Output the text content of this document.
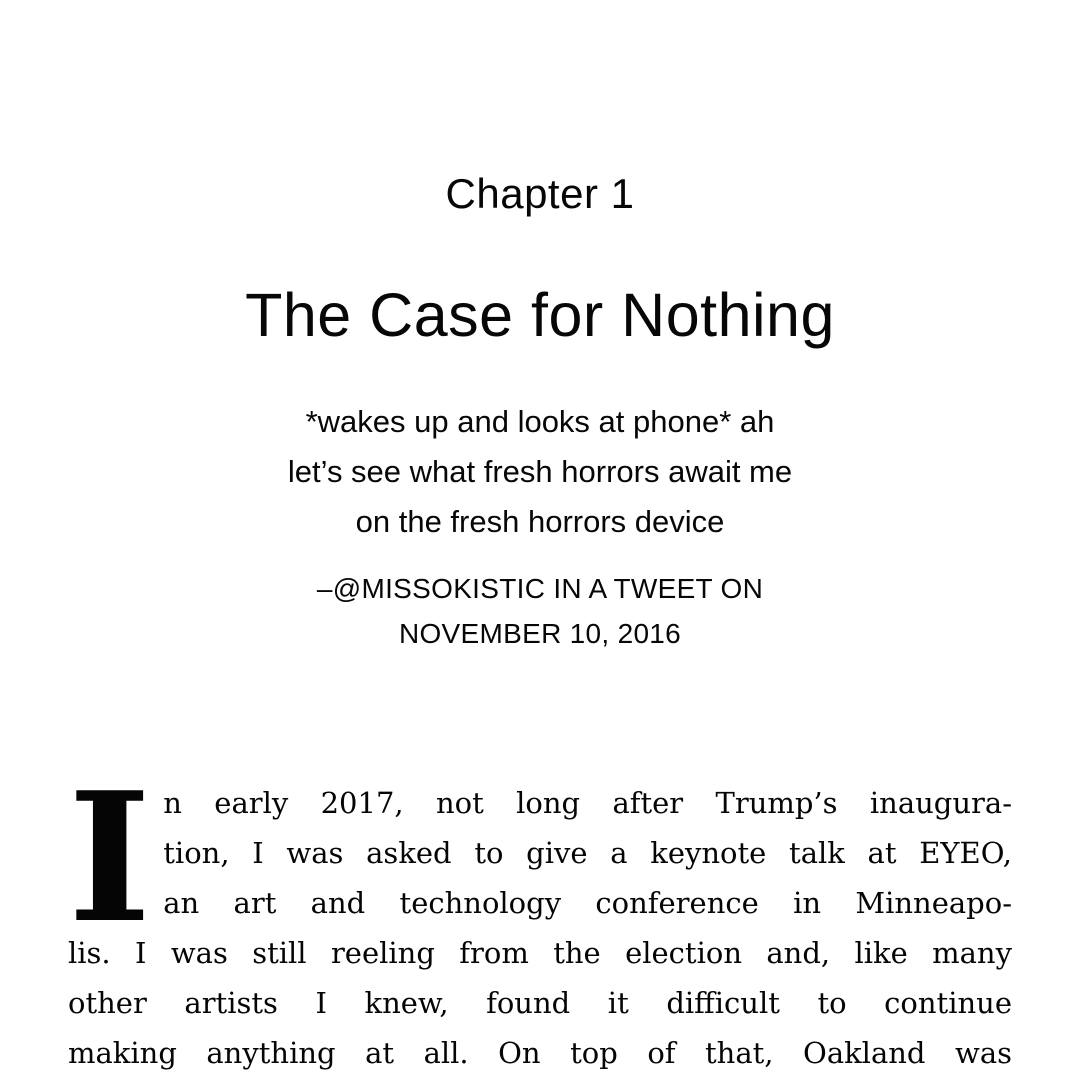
Chapter 1
The Case for Nothing
*wakes up and looks at phone* ah
let’s see what fresh horrors await me
on the fresh horrors device
–@MISSOKISTIC IN A TWEET ON
NOVEMBER 10, 2016
I n early 2017, not long after Trump’s inaugura-
tion, I was asked to give a keynote talk at EYEO,
an art and technology conference in Minneapo-
lis. I was still reeling from the election and, like many
other artists I knew, found it difficult to continue
making anything at all. On top of that, Oakland was
